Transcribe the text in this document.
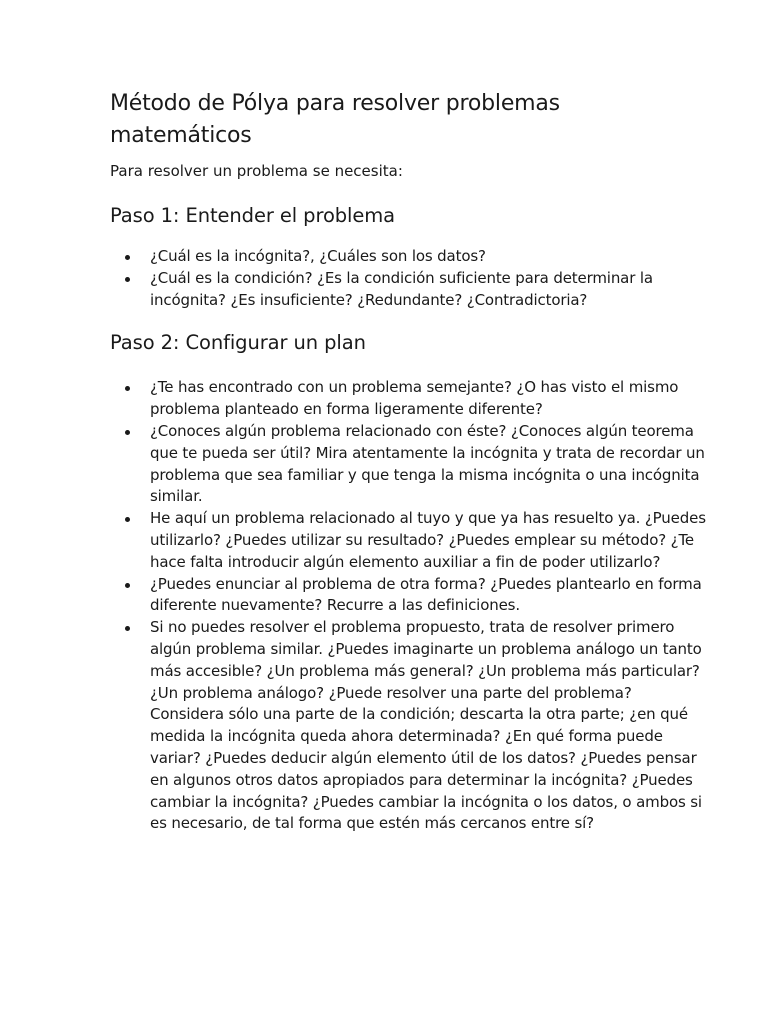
Método de Pólya para resolver problemas matemáticos

Para resolver un problema se necesita:

Paso 1: Entender el problema
¿Cuál es la incógnita?, ¿Cuáles son los datos?
¿Cuál es la condición? ¿Es la condición suficiente para determinar la incógnita? ¿Es insuficiente? ¿Redundante? ¿Contradictoria?
Paso 2: Configurar un plan
¿Te has encontrado con un problema semejante? ¿O has visto el mismo problema planteado en forma ligeramente diferente?
¿Conoces algún problema relacionado con éste? ¿Conoces algún teorema que te pueda ser útil? Mira atentamente la incógnita y trata de recordar un problema que sea familiar y que tenga la misma incógnita o una incógnita similar.
He aquí un problema relacionado al tuyo y que ya has resuelto ya. ¿Puedes utilizarlo? ¿Puedes utilizar su resultado? ¿Puedes emplear su método? ¿Te hace falta introducir algún elemento auxiliar a fin de poder utilizarlo?
¿Puedes enunciar al problema de otra forma? ¿Puedes plantearlo en forma diferente nuevamente? Recurre a las definiciones.
Si no puedes resolver el problema propuesto, trata de resolver primero algún problema similar. ¿Puedes imaginarte un problema análogo un tanto más accesible? ¿Un problema más general? ¿Un problema más particular? ¿Un problema análogo? ¿Puede resolver una parte del problema? Considera sólo una parte de la condición; descarta la otra parte; ¿en qué medida la incógnita queda ahora determinada? ¿En qué forma puede variar? ¿Puedes deducir algún elemento útil de los datos? ¿Puedes pensar en algunos otros datos apropiados para determinar la incógnita? ¿Puedes cambiar la incógnita? ¿Puedes cambiar la incógnita o los datos, o ambos si es necesario, de tal forma que estén más cercanos entre sí?
